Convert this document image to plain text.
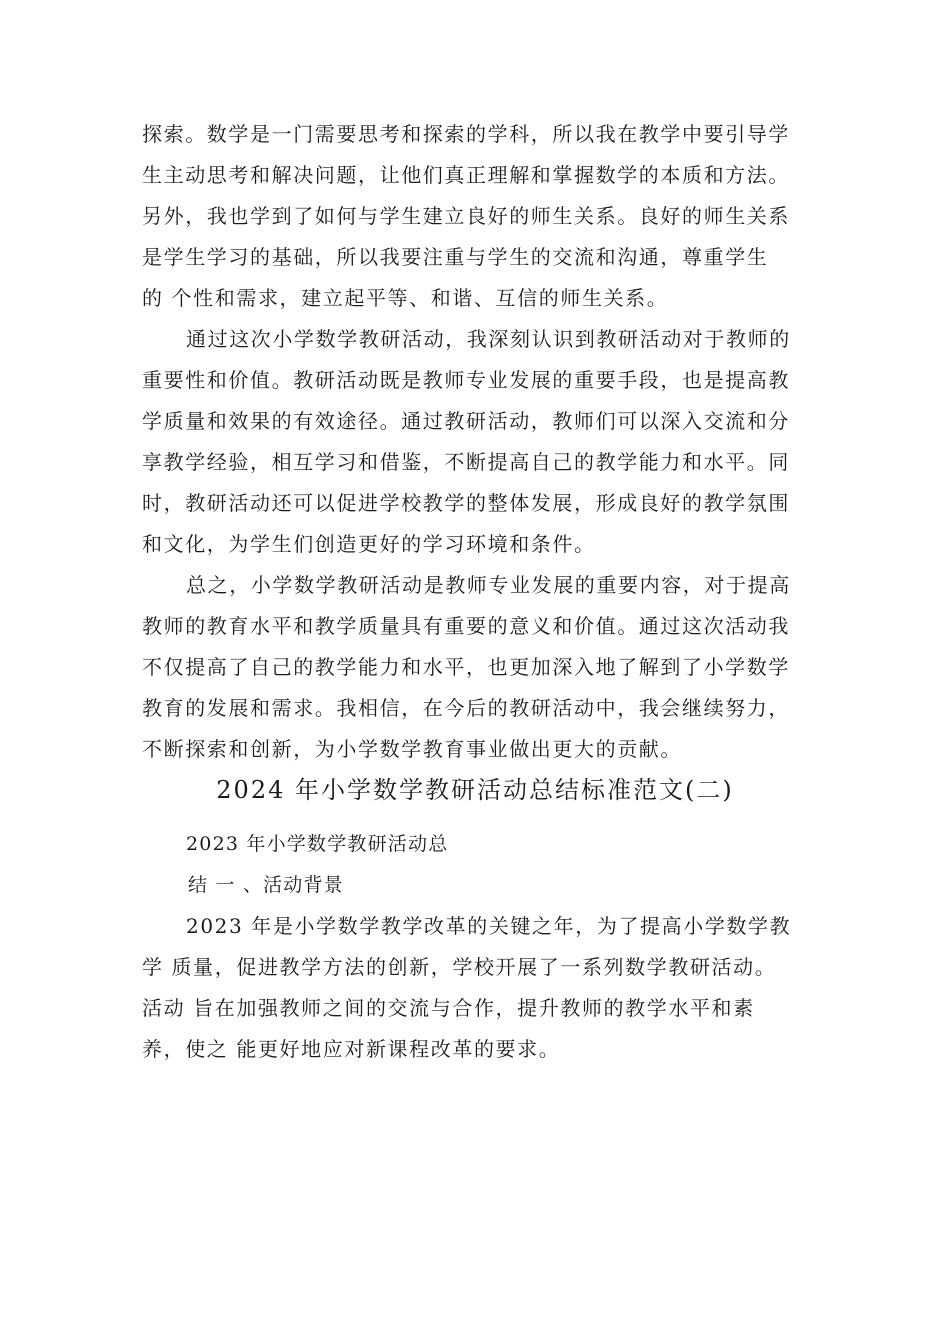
探索。数学是一门需要思考和探索的学科，所以我在教学中要引导学
生主动思考和解决问题，让他们真正理解和掌握数学的本质和方法。
另外，我也学到了如何与学生建立良好的师生关系。良好的师生关系
是学生学习的基础，所以我要注重与学生的交流和沟通，尊重学生
的 个性和需求，建立起平等、和谐、互信的师生关系。
通过这次小学数学教研活动，我深刻认识到教研活动对于教师的
重要性和价值。教研活动既是教师专业发展的重要手段，也是提高教
学质量和效果的有效途径。通过教研活动，教师们可以深入交流和分
享教学经验，相互学习和借鉴，不断提高自己的教学能力和水平。同
时，教研活动还可以促进学校教学的整体发展，形成良好的教学氛围
和文化，为学生们创造更好的学习环境和条件。
总之，小学数学教研活动是教师专业发展的重要内容，对于提高
教师的教育水平和教学质量具有重要的意义和价值。通过这次活动我
不仅提高了自己的教学能力和水平，也更加深入地了解到了小学数学
教育的发展和需求。我相信，在今后的教研活动中，我会继续努力，
不断探索和创新，为小学数学教育事业做出更大的贡献。
2024 年小学数学教研活动总结标准范文(二)
2023 年小学数学教研活动总
结 一 、活动背景
2023 年是小学数学教学改革的关键之年，为了提高小学数学教
学 质量，促进教学方法的创新，学校开展了一系列数学教研活动。
活动 旨在加强教师之间的交流与合作，提升教师的教学水平和素
养，使之 能更好地应对新课程改革的要求。
